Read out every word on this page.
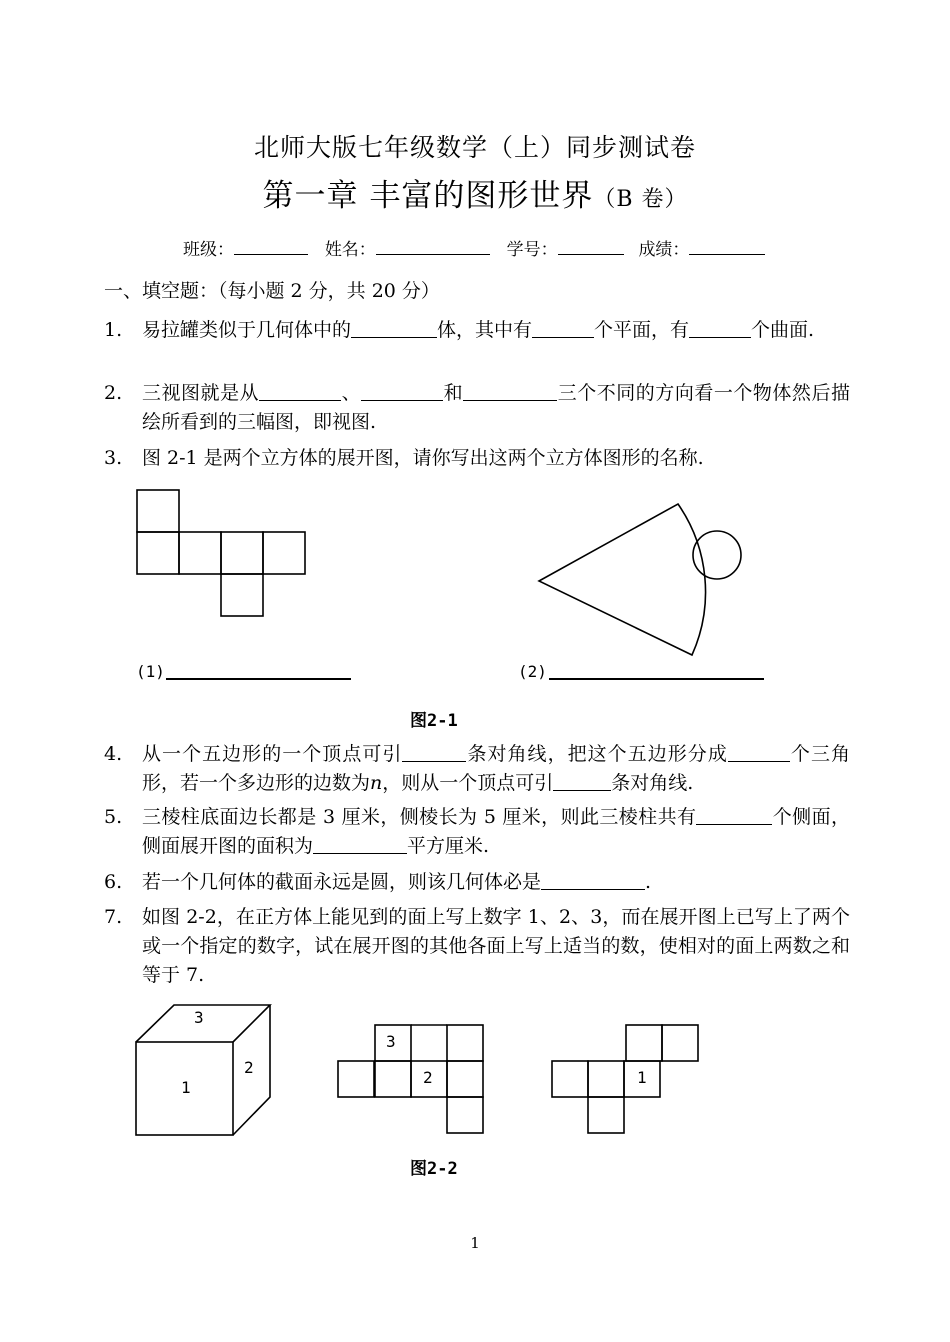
北师大版七年级数学（上）同步测试卷
第一章 丰富的图形世界（B 卷）
班级：	姓名：	学号：	成绩：
一、填空题：（每小题 2 分，共 20 分）
1. 易拉罐类似于几何体中的	体，其中有	个平面，有	个曲面.
2. 三视图就是从	、	和	三个不同的方向看一个物体然后描绘所看到的三幅图，即视图.
3. 图 2-1 是两个立方体的展开图，请你写出这两个立方体图形的名称.
(1)	(2)
图2-1
4. 从一个五边形的一个顶点可引	条对角线，把这个五边形分成	个三角形，若一个多边形的边数为n，则从一个顶点可引	条对角线.
5. 三棱柱底面边长都是 3 厘米，侧棱长为 5 厘米，则此三棱柱共有	个侧面，侧面展开图的面积为	平方厘米.
6. 若一个几何体的截面永远是圆，则该几何体必是	.
7. 如图 2-2，在正方体上能见到的面上写上数字 1、2、3，而在展开图上已写上了两个或一个指定的数字，试在展开图的其他各面上写上适当的数，使相对的面上两数之和等于 7.
3
1
2
3
2	1
图2-2
1
